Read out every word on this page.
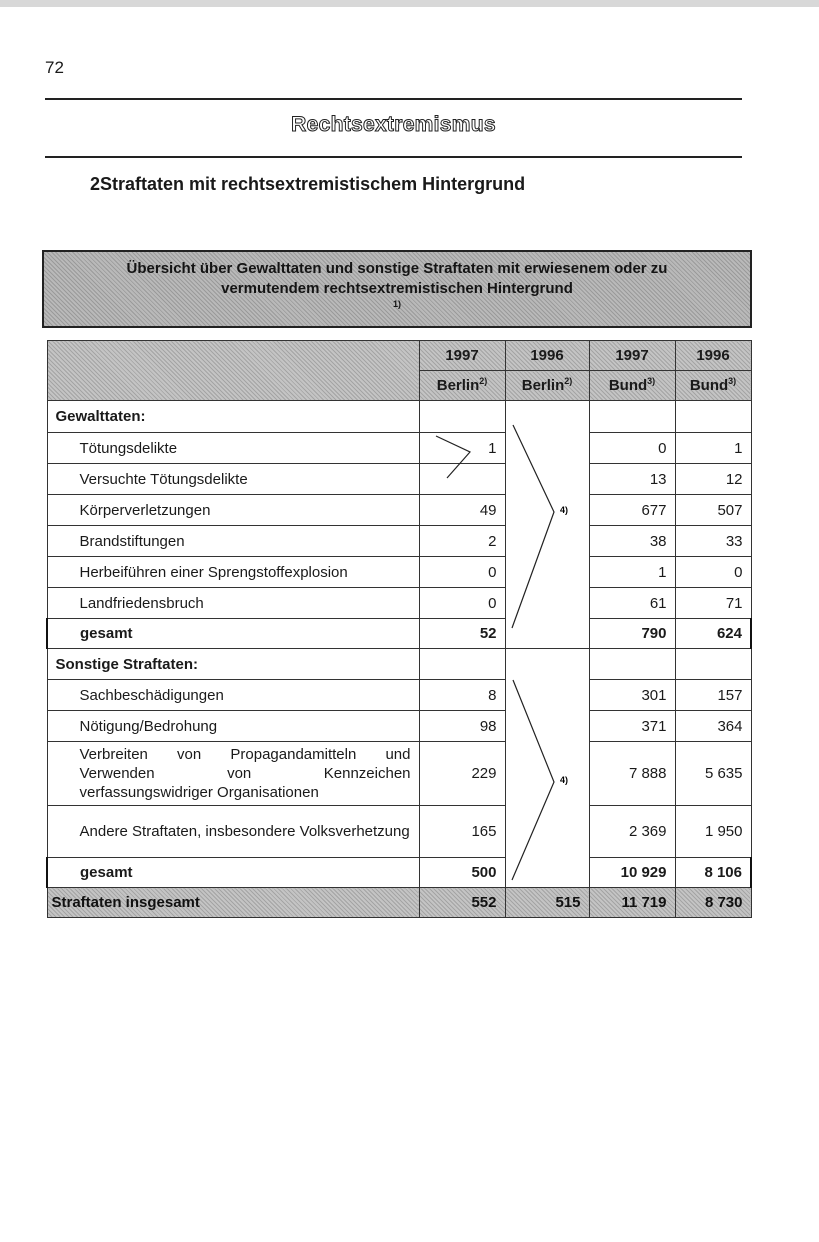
72
Rechtsextremismus
2Straftaten mit rechtsextremistischem Hintergrund
Übersicht über Gewalttaten und sonstige Straftaten mit erwiesenem oder zu vermutendem rechtsextremistischen Hintergrund
$^{1)}$
	1997	1996	1997	1996
	Berlin$^{2)}$	Berlin$^{2)}$	Bund$^{3)}$	Bund$^{3)}$
Gewalttaten:				
Tötungsdelikte	1		0	1
Versuchte Tötungsdelikte			13	12
Körperverletzungen	49		677	507
Brandstiftungen	2		38	33
Herbeiführen einer Sprengstoffexplosion	0		1	0
Landfriedensbruch	0		61	71
gesamt	52		790	624
Sonstige Straftaten:				
Sachbeschädigungen	8		301	157
Nötigung/Bedrohung	98		371	364
Verbreiten von Propagandamitteln und Verwenden von Kennzeichen verfassungswidriger Organisationen	229		7 888	5 635
Andere Straftaten, insbesondere Volksverhetzung	165		2 369	1 950
gesamt	500		10 929	8 106
Straftaten insgesamt	552	515	11 719	8 730
4)
4)
